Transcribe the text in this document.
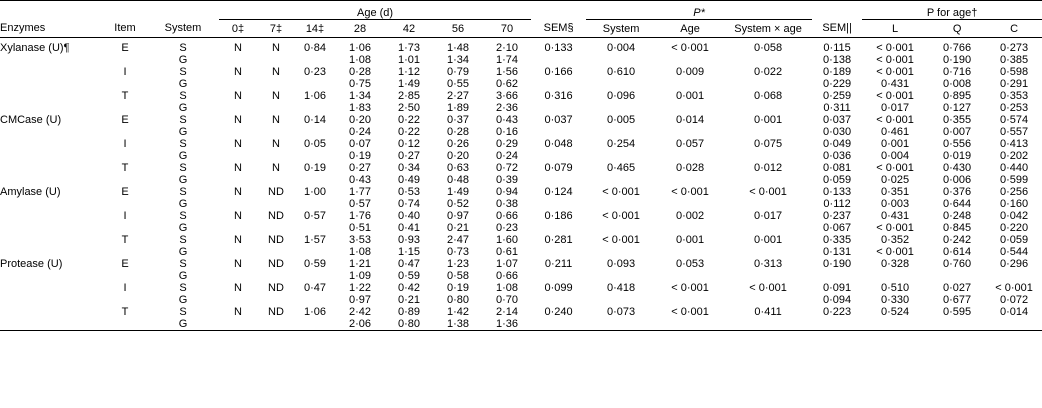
			Age (d)								P*				P for age†		
Enzymes	Item	System	0‡	7‡	14‡	28	42	56	70	SEM§	System	Age	System × age	SEM||	L	Q	C
Xylanase (U)¶	E	S	N	N	0·84	1·06	1·73	1·48	2·10	0·133	0·004	< 0·001	0·058	0·115	< 0·001	0·766	0·273
		G				1·08	1·01	1·34	1·74					0·138	< 0·001	0·190	0·385
	I	S	N	N	0·23	0·28	1·12	0·79	1·56	0·166	0·610	0·009	0·022	0·189	< 0·001	0·716	0·598
		G				0·75	1·49	0·55	0·62					0·229	0·431	0·008	0·291
	T	S	N	N	1·06	1·34	2·85	2·27	3·66	0·316	0·096	0·001	0·068	0·259	< 0·001	0·895	0·353
		G				1·83	2·50	1·89	2·36					0·311	0·017	0·127	0·253
CMCase (U)	E	S	N	N	0·14	0·20	0·22	0·37	0·43	0·037	0·005	0·014	0·001	0·037	< 0·001	0·355	0·574
		G				0·24	0·22	0·28	0·16					0·030	0·461	0·007	0·557
	I	S	N	N	0·05	0·07	0·12	0·26	0·29	0·048	0·254	0·057	0·075	0·049	0·001	0·556	0·413
		G				0·19	0·27	0·20	0·24					0·036	0·004	0·019	0·202
	T	S	N	N	0·19	0·27	0·34	0·63	0·72	0·079	0·465	0·028	0·012	0·081	< 0·001	0·430	0·440
		G				0·43	0·49	0·48	0·39					0·059	0·025	0·006	0·599
Amylase (U)	E	S	N	ND	1·00	1·77	0·53	1·49	0·94	0·124	< 0·001	< 0·001	< 0·001	0·133	0·351	0·376	0·256
		G				0·57	0·74	0·52	0·38					0·112	0·003	0·644	0·160
	I	S	N	ND	0·57	1·76	0·40	0·97	0·66	0·186	< 0·001	0·002	0·017	0·237	0·431	0·248	0·042
		G				0·51	0·41	0·21	0·23					0·067	< 0·001	0·845	0·220
	T	S	N	ND	1·57	3·53	0·93	2·47	1·60	0·281	< 0·001	0·001	0·001	0·335	0·352	0·242	0·059
		G				1·08	1·15	0·73	0·61					0·131	< 0·001	0·614	0·544
Protease (U)	E	S	N	ND	0·59	1·21	0·47	1·23	1·07	0·211	0·093	0·053	0·313	0·190	0·328	0·760	0·296
		G				1·09	0·59	0·58	0·66								
	I	S	N	ND	0·47	1·22	0·42	0·19	1·08	0·099	0·418	< 0·001	< 0·001	0·091	0·510	0·027	< 0·001
		G				0·97	0·21	0·80	0·70					0·094	0·330	0·677	0·072
	T	S	N	ND	1·06	2·42	0·89	1·42	2·14	0·240	0·073	< 0·001	0·411	0·223	0·524	0·595	0·014
		G				2·06	0·80	1·38	1·36								
